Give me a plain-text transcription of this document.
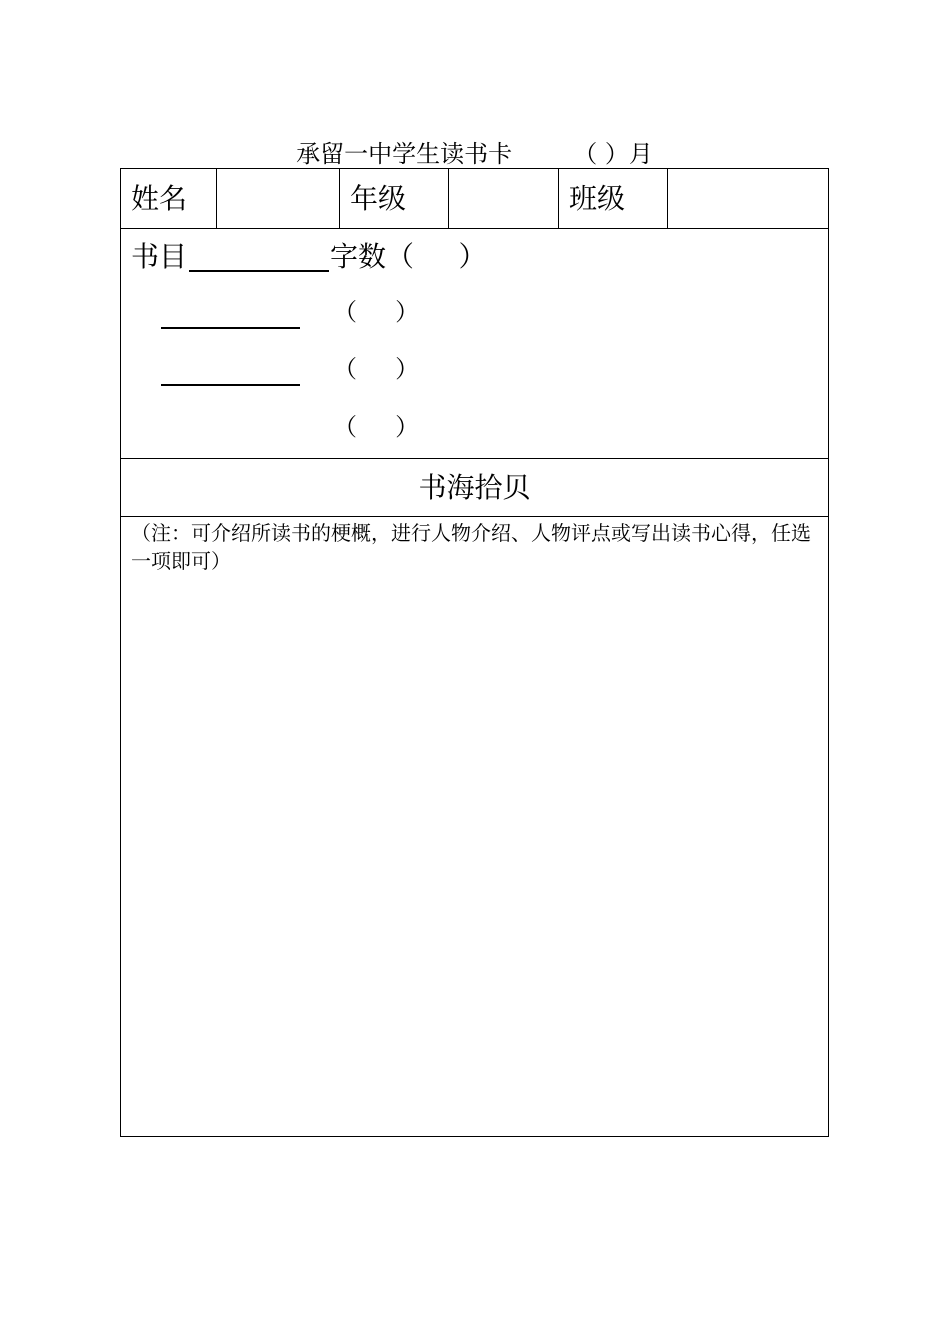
承留一中学生读书卡	（ ）月
姓名	年级	班级
书目	字数（     ）
（     ）
（     ）
（     ）
书海拾贝
（注：可介绍所读书的梗概，进行人物介绍、人物评点或写出读书心得，任选一项即可）
